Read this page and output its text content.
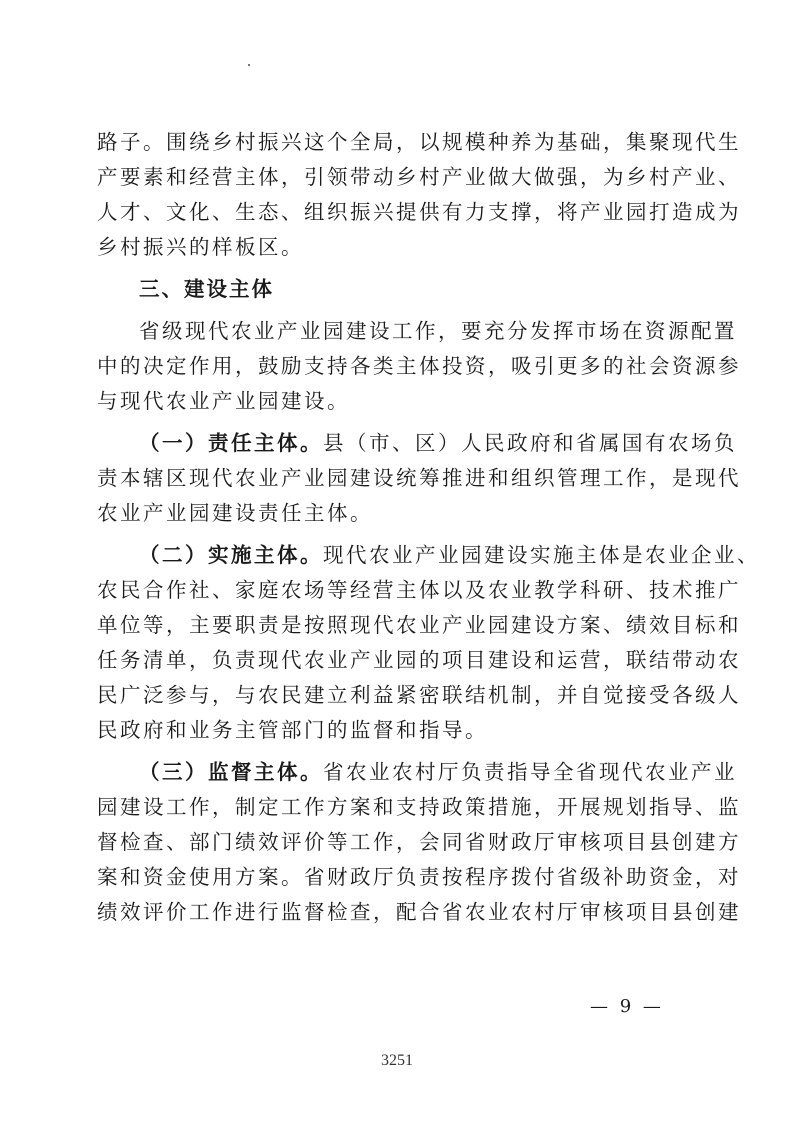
路子。围绕乡村振兴这个全局，以规模种养为基础，集聚现代生
产要素和经营主体，引领带动乡村产业做大做强，为乡村产业、
人才、文化、生态、组织振兴提供有力支撑，将产业园打造成为
乡村振兴的样板区。

三、建设主体

省级现代农业产业园建设工作，要充分发挥市场在资源配置
中的决定作用，鼓励支持各类主体投资，吸引更多的社会资源参
与现代农业产业园建设。

（一）责任主体。县（市、区）人民政府和省属国有农场负
责本辖区现代农业产业园建设统筹推进和组织管理工作，是现代
农业产业园建设责任主体。

（二）实施主体。现代农业产业园建设实施主体是农业企业、
农民合作社、家庭农场等经营主体以及农业教学科研、技术推广
单位等，主要职责是按照现代农业产业园建设方案、绩效目标和
任务清单，负责现代农业产业园的项目建设和运营，联结带动农
民广泛参与，与农民建立利益紧密联结机制，并自觉接受各级人
民政府和业务主管部门的监督和指导。

（三）监督主体。省农业农村厅负责指导全省现代农业产业
园建设工作，制定工作方案和支持政策措施，开展规划指导、监
督检查、部门绩效评价等工作，会同省财政厅审核项目县创建方
案和资金使用方案。省财政厅负责按程序拨付省级补助资金，对
绩效评价工作进行监督检查，配合省农业农村厅审核项目县创建

— 9 —
3251
